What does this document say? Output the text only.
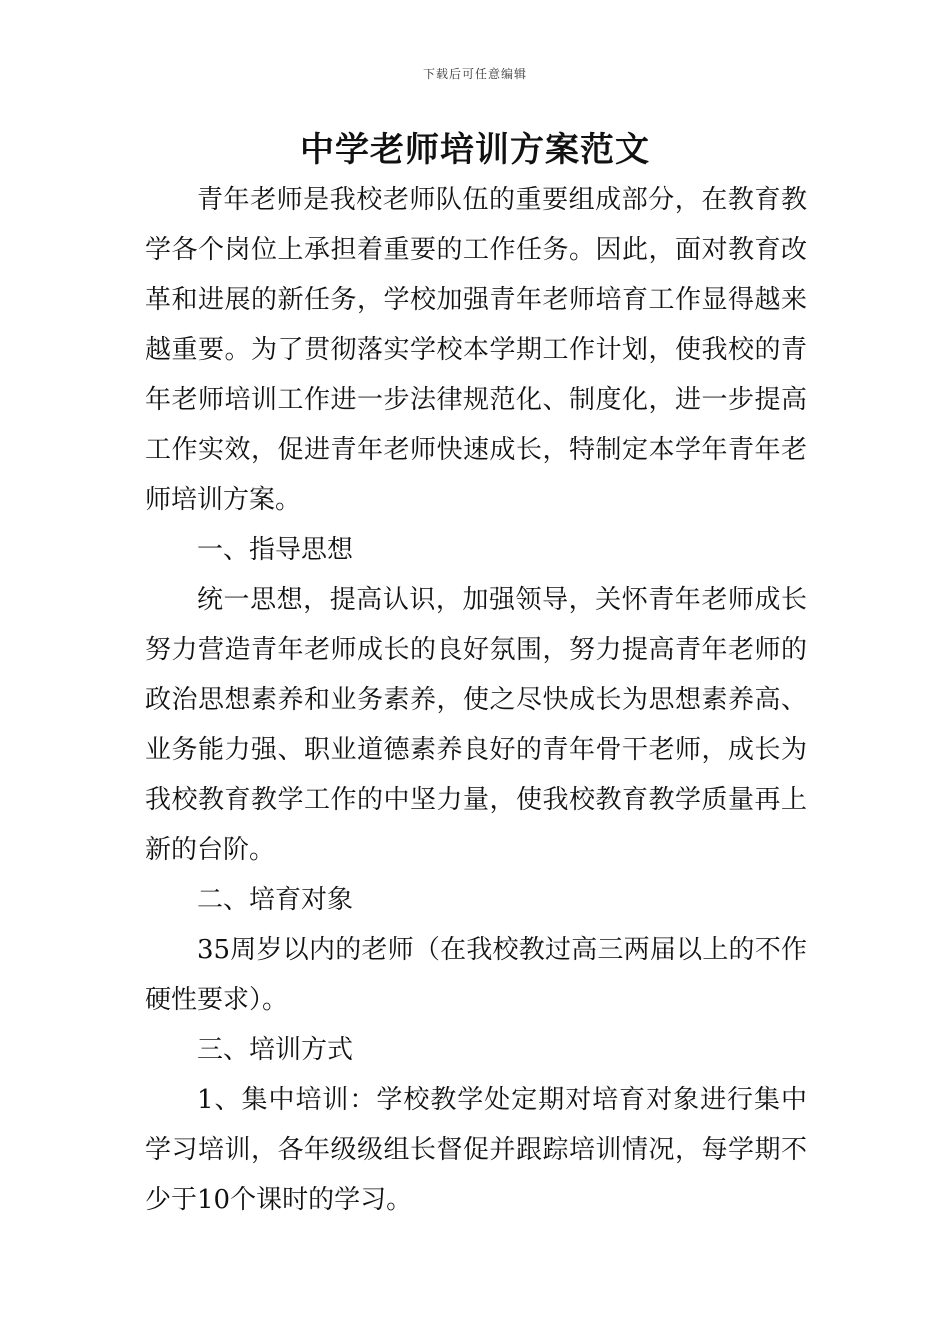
下载后可任意编辑
中学老师培训方案范文

青年老师是我校老师队伍的重要组成部分，在教育教学各个岗位上承担着重要的工作任务。因此，面对教育改革和进展的新任务，学校加强青年老师培育工作显得越来越重要。为了贯彻落实学校本学期工作计划，使我校的青年老师培训工作进一步法律规范化、制度化，进一步提高工作实效，促进青年老师快速成长，特制定本学年青年老师培训方案。

一、指导思想

统一思想，提高认识，加强领导，关怀青年老师成长努力营造青年老师成长的良好氛围，努力提高青年老师的政治思想素养和业务素养，使之尽快成长为思想素养高、业务能力强、职业道德素养良好的青年骨干老师，成长为我校教育教学工作的中坚力量，使我校教育教学质量再上新的台阶。

二、培育对象

35周岁以内的老师（在我校教过高三两届以上的不作硬性要求）。

三、培训方式

1、集中培训：学校教学处定期对培育对象进行集中学习培训，各年级级组长督促并跟踪培训情况，每学期不少于10个课时的学习。
